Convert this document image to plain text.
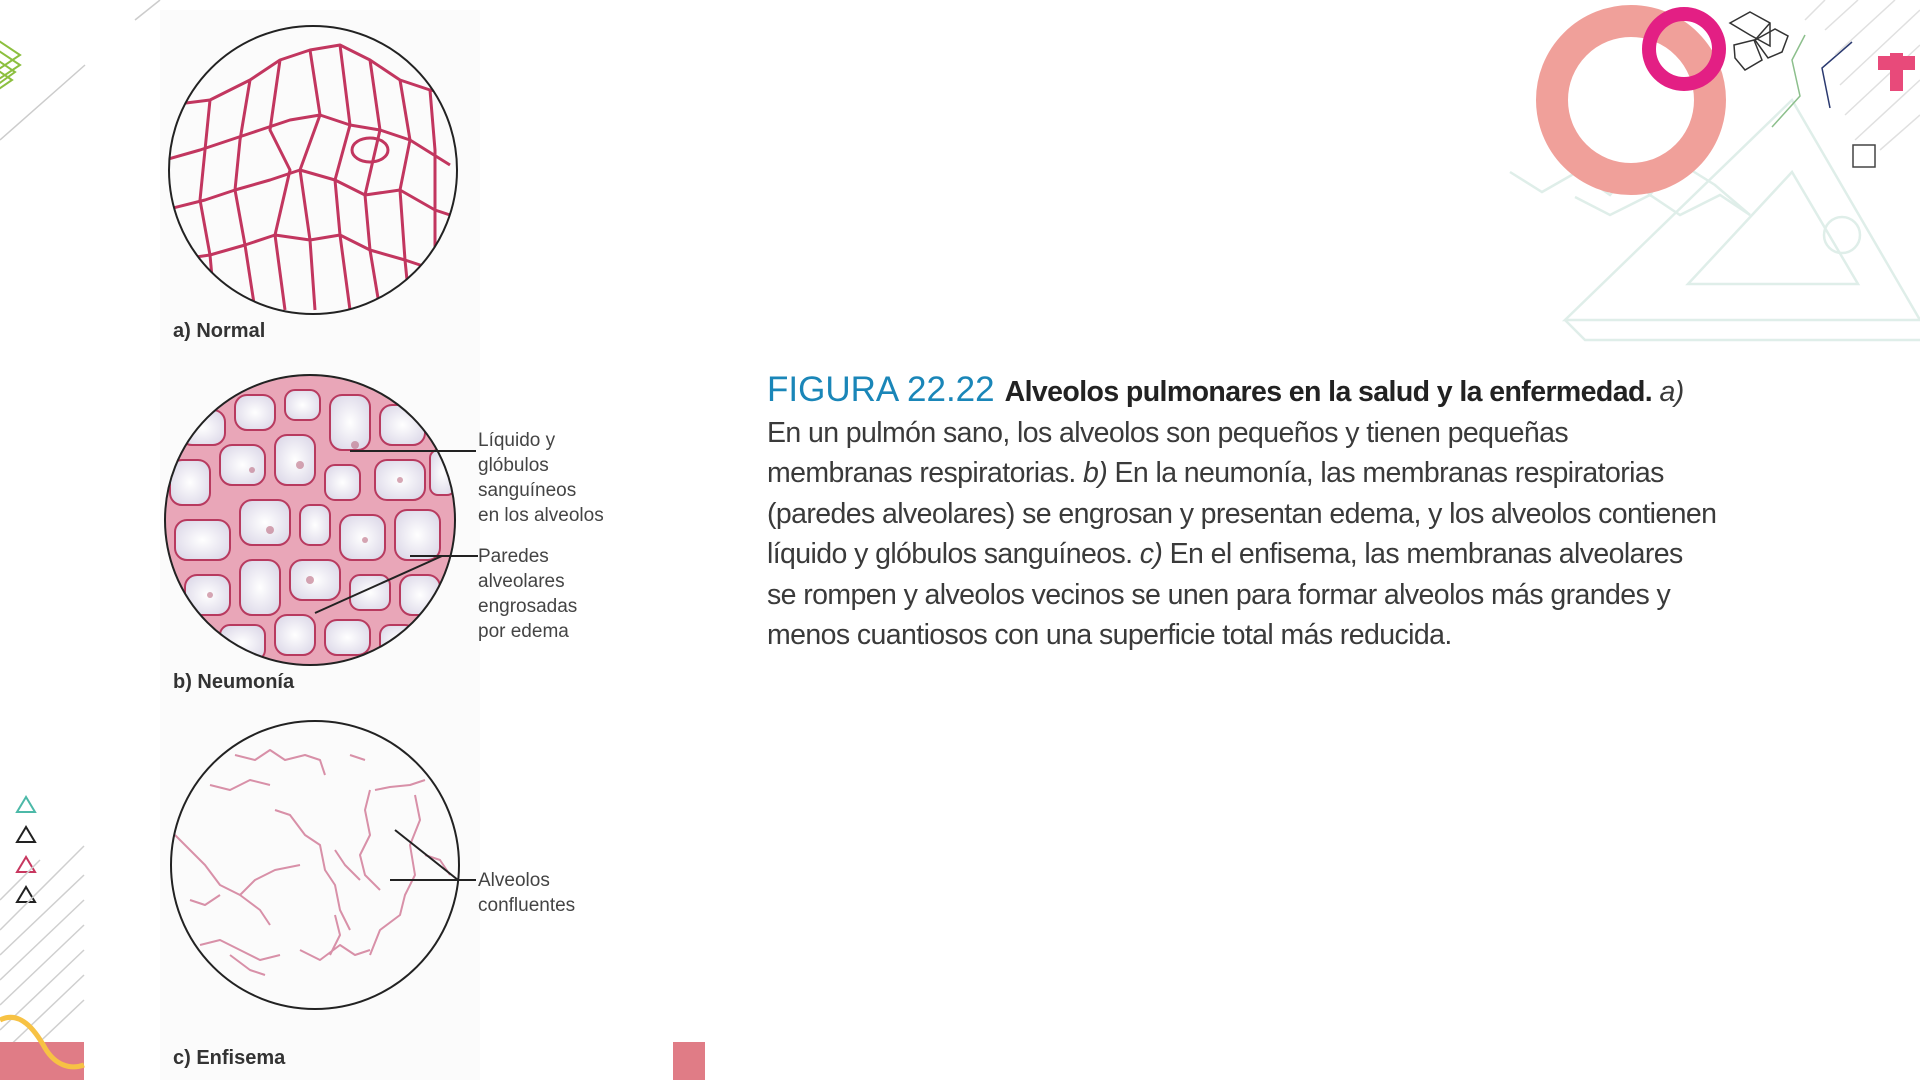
a) Normal
Líquido y
glóbulos
sanguíneos
en los alveolos
Paredes
alveolares
engrosadas
por edema
b) Neumonía
Alveolos
confluentes
c) Enfisema
FIGURA 22.22 Alveolos pulmonares en la salud y la enfermedad. a) En un pulmón sano, los alveolos son pequeños y tienen pequeñas membranas respiratorias. b) En la neumonía, las membranas respiratorias (paredes alveolares) se engrosan y presentan edema, y los alveolos contienen líquido y glóbulos sanguíneos. c) En el enfisema, las membranas alveolares se rompen y alveolos vecinos se unen para formar alveolos más grandes y menos cuantiosos con una superficie total más reducida.
